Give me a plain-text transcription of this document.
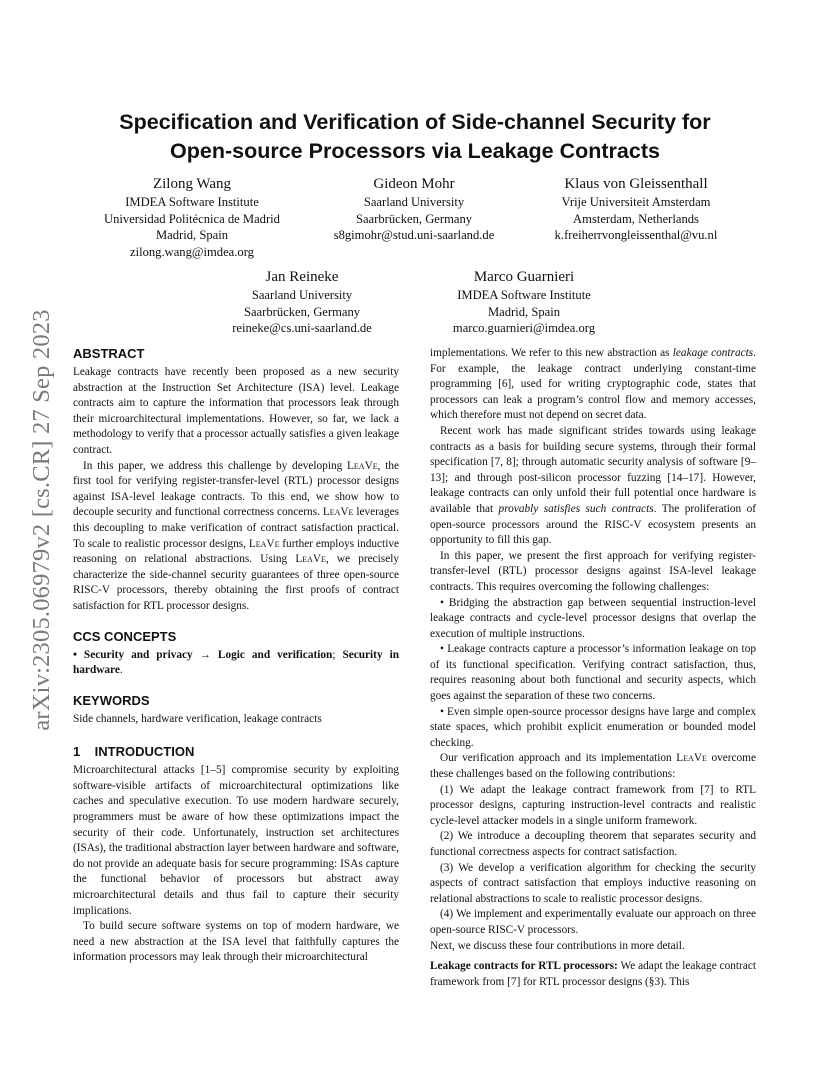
arXiv:2305.06979v2 [cs.CR] 27 Sep 2023
Specification and Verification of Side-channel Security for
Open-source Processors via Leakage Contracts
Zilong Wang
IMDEA Software Institute
Universidad Politécnica de Madrid
Madrid, Spain
zilong.wang@imdea.org
Gideon Mohr
Saarland University
Saarbrücken, Germany
s8gimohr@stud.uni-saarland.de
Klaus von Gleissenthall
Vrije Universiteit Amsterdam
Amsterdam, Netherlands
k.freiherrvongleissenthal@vu.nl
Jan Reineke
Saarland University
Saarbrücken, Germany
reineke@cs.uni-saarland.de
Marco Guarnieri
IMDEA Software Institute
Madrid, Spain
marco.guarnieri@imdea.org
ABSTRACT

Leakage contracts have recently been proposed as a new security abstraction at the Instruction Set Architecture (ISA) level. Leakage contracts aim to capture the information that processors leak through their microarchitectural implementations. However, so far, we lack a methodology to verify that a processor actually satisfies a given leakage contract.

In this paper, we address this challenge by developing LeaVe, the first tool for verifying register-transfer-level (RTL) processor designs against ISA-level leakage contracts. To this end, we show how to decouple security and functional correctness concerns. LeaVe leverages this decoupling to make verification of contract satisfaction practical. To scale to realistic processor designs, LeaVe further employs inductive reasoning on relational abstractions. Using LeaVe, we precisely characterize the side-channel security guarantees of three open-source RISC-V processors, thereby obtaining the first proofs of contract satisfaction for RTL processor designs.

CCS CONCEPTS

• Security and privacy → Logic and verification; Security in hardware.

KEYWORDS

Side channels, hardware verification, leakage contracts

1    INTRODUCTION

Microarchitectural attacks [1–5] compromise security by exploiting software-visible artifacts of microarchitectural optimizations like caches and speculative execution. To use modern hardware securely, programmers must be aware of how these optimizations impact the security of their code. Unfortunately, instruction set architectures (ISAs), the traditional abstraction layer between hardware and software, do not provide an adequate basis for secure programming: ISAs capture the functional behavior of processors but abstract away microarchitectural details and thus fail to capture their security implications.

To build secure software systems on top of modern hardware, we need a new abstraction at the ISA level that faithfully captures the information processors may leak through their microarchitectural

implementations. We refer to this new abstraction as leakage contracts. For example, the leakage contract underlying constant-time programming [6], used for writing cryptographic code, states that processors can leak a program’s control flow and memory accesses, which therefore must not depend on secret data.

Recent work has made significant strides towards using leakage contracts as a basis for building secure systems, through their formal specification [7, 8]; through automatic security analysis of software [9–13]; and through post-silicon processor fuzzing [14–17]. However, leakage contracts can only unfold their full potential once hardware is available that provably satisfies such contracts. The proliferation of open-source processors around the RISC-V ecosystem presents an opportunity to fill this gap.

In this paper, we present the first approach for verifying register-transfer-level (RTL) processor designs against ISA-level leakage contracts. This requires overcoming the following challenges:

• Bridging the abstraction gap between sequential instruction-level leakage contracts and cycle-level processor designs that overlap the execution of multiple instructions.

• Leakage contracts capture a processor’s information leakage on top of its functional specification. Verifying contract satisfaction, thus, requires reasoning about both functional and security aspects, which goes against the separation of these two concerns.

• Even simple open-source processor designs have large and complex state spaces, which prohibit explicit enumeration or bounded model checking.

Our verification approach and its implementation LeaVe overcome these challenges based on the following contributions:

(1) We adapt the leakage contract framework from [7] to RTL processor designs, capturing instruction-level contracts and realistic cycle-level attacker models in a single uniform framework.

(2) We introduce a decoupling theorem that separates security and functional correctness aspects for contract satisfaction.

(3) We develop a verification algorithm for checking the security aspects of contract satisfaction that employs inductive reasoning on relational abstractions to scale to realistic processor designs.

(4) We implement and experimentally evaluate our approach on three open-source RISC-V processors.

Next, we discuss these four contributions in more detail.

Leakage contracts for RTL processors: We adapt the leakage contract framework from [7] for RTL processor designs (§3). This
